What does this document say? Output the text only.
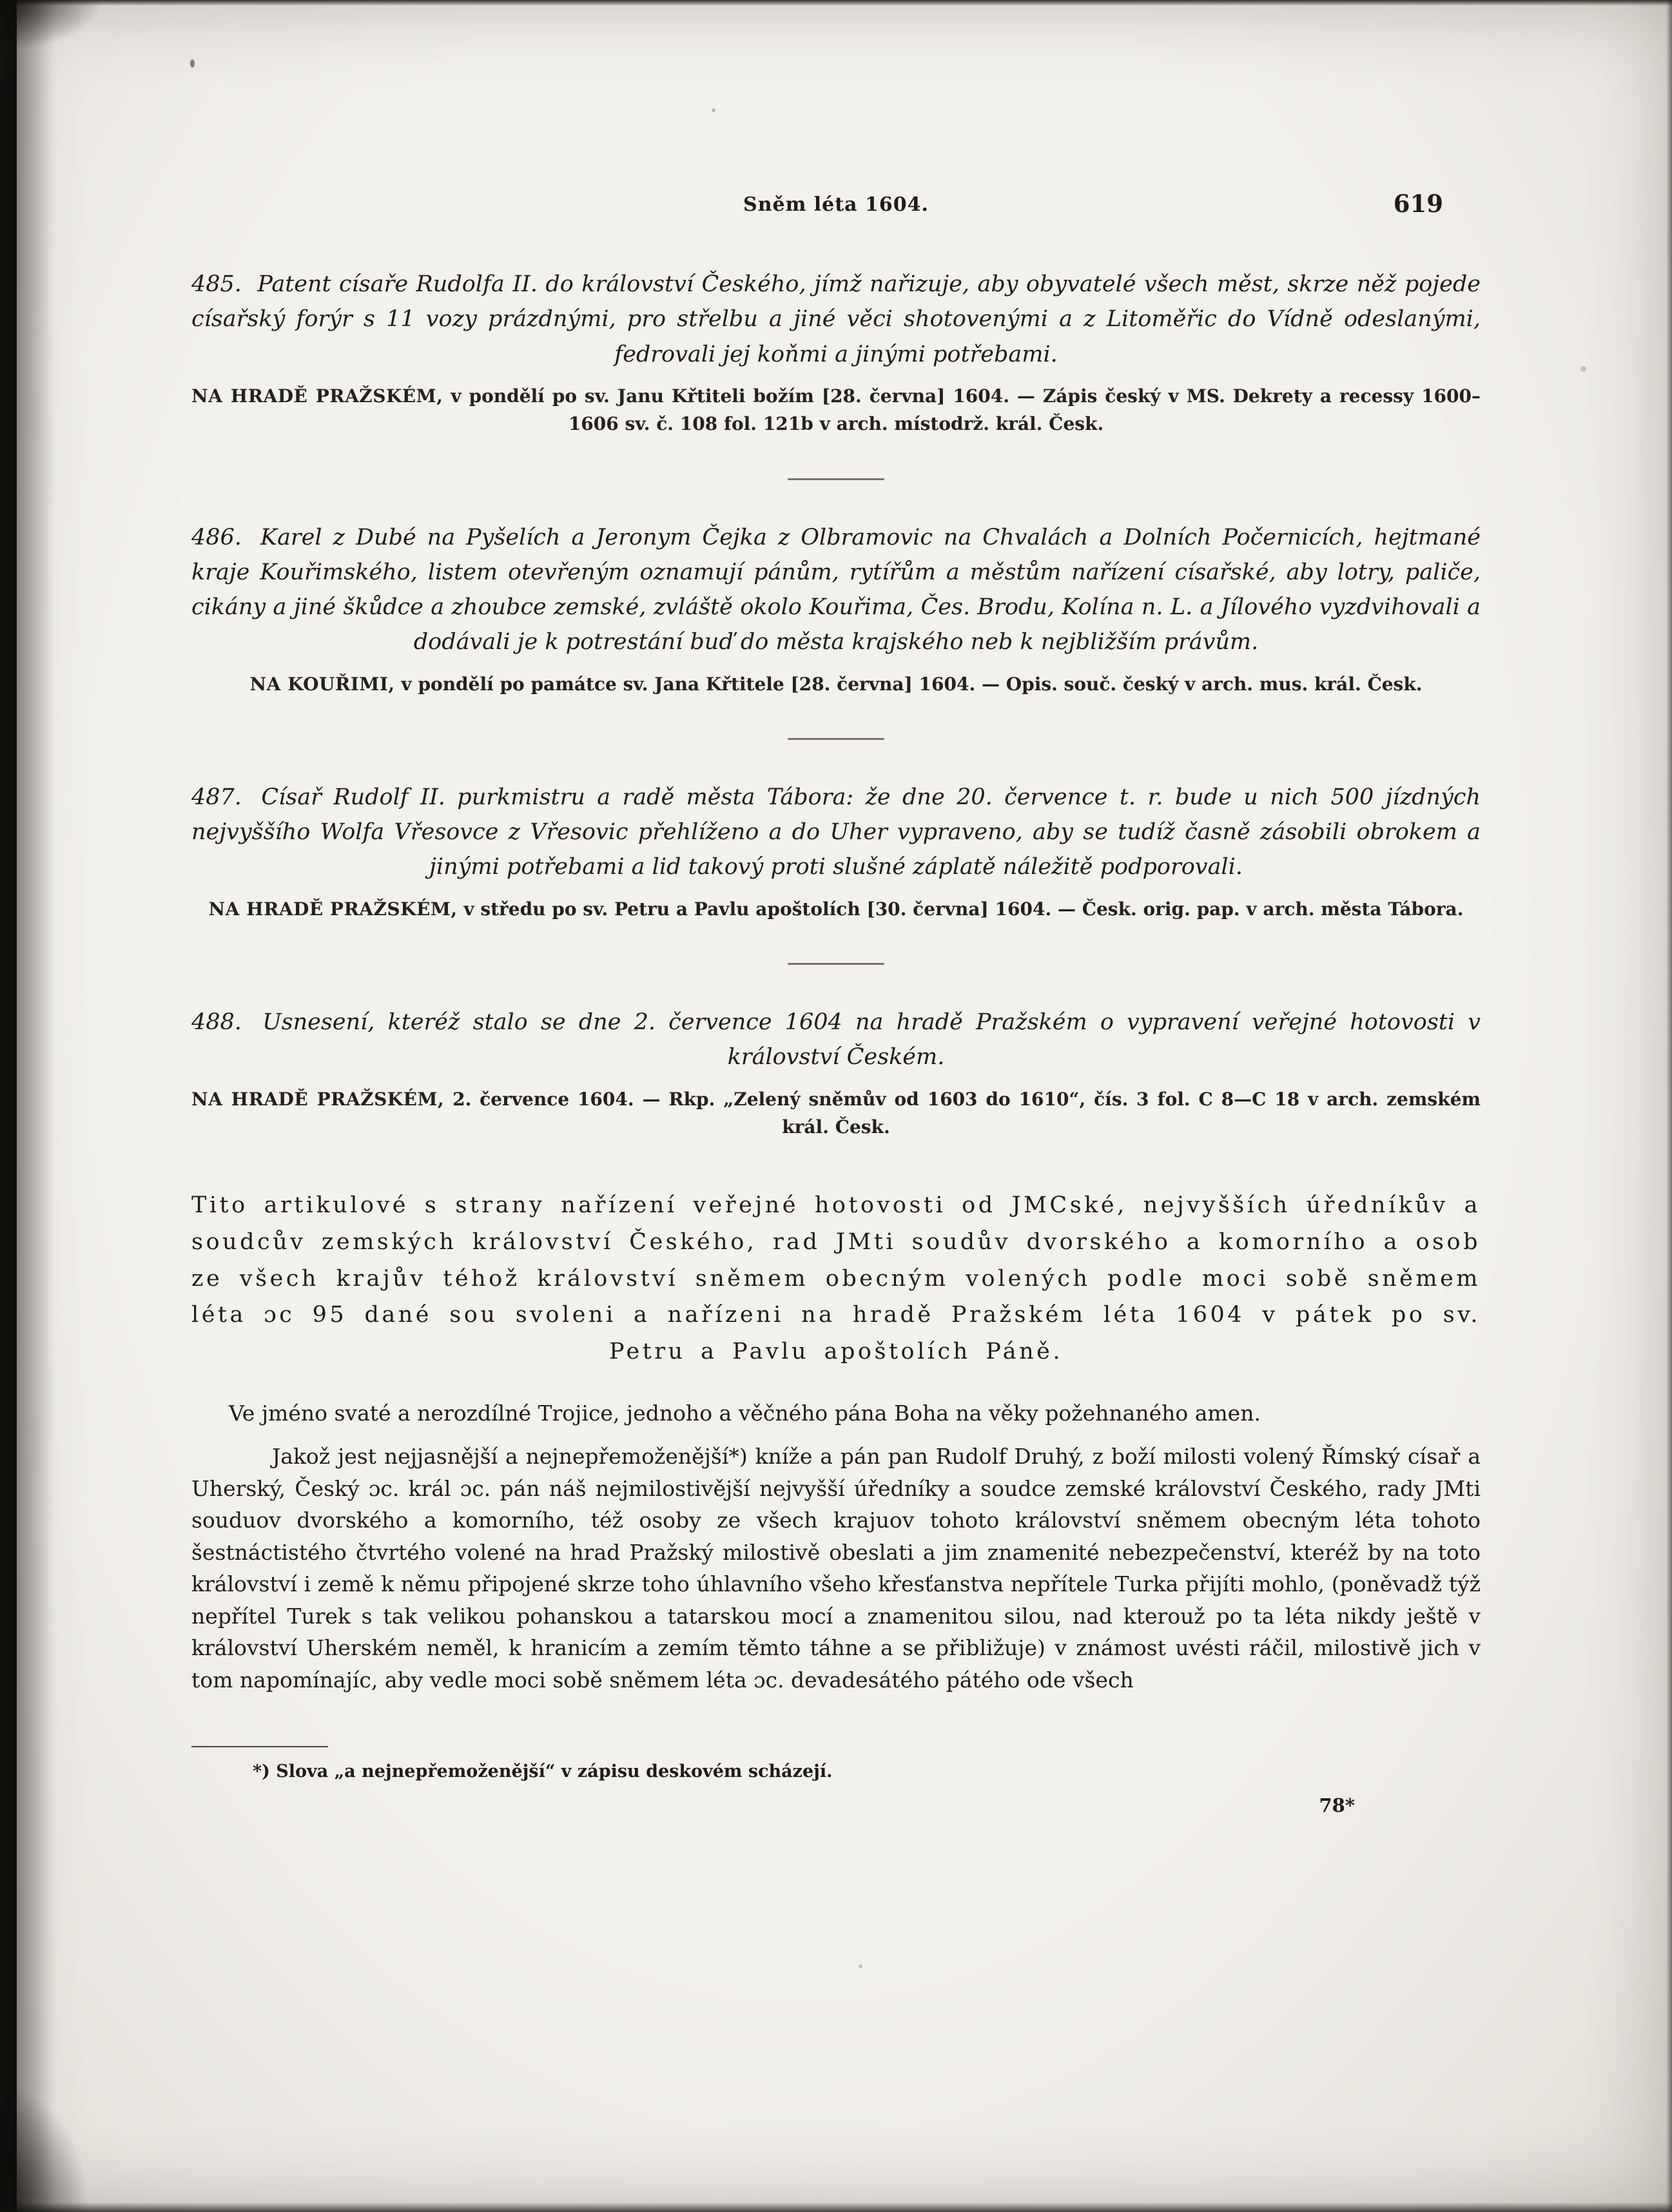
Sněm léta 1604.	619

485. Patent císaře Rudolfa II. do království Českého, jímž nařizuje, aby obyvatelé všech měst, skrze něž pojede císařský forýr s 11 vozy prázdnými, pro střelbu a jiné věci shotovenými a z Litoměřic do Vídně odeslanými, fedrovali jej koňmi a jinými potřebami.

NA HRADĚ PRAŽSKÉM, v pondělí po sv. Janu Křtiteli božím [28. června] 1604. — Zápis český v MS. Dekrety a recessy 1600–1606 sv. č. 108 fol. 121b v arch. místodrž. král. Česk.

486. Karel z Dubé na Pyšelích a Jeronym Čejka z Olbramovic na Chvalách a Dolních Počernicích, hejtmané kraje Kouřimského, listem otevřeným oznamují pánům, rytířům a městům nařízení císařské, aby lotry, paliče, cikány a jiné škůdce a zhoubce zemské, zvláště okolo Kouřima, Čes. Brodu, Kolína n. L. a Jílového vyzdvihovali a dodávali je k potrestání buď do města krajského neb k nejbližším právům.

NA KOUŘIMI, v pondělí po památce sv. Jana Křtitele [28. června] 1604. — Opis. souč. český v arch. mus. král. Česk.

487. Císař Rudolf II. purkmistru a radě města Tábora: že dne 20. července t. r. bude u nich 500 jízdných nejvyššího Wolfa Vřesovce z Vřesovic přehlíženo a do Uher vypraveno, aby se tudíž časně zásobili obrokem a jinými potřebami a lid takový proti slušné záplatě náležitě podporovali.

NA HRADĚ PRAŽSKÉM, v středu po sv. Petru a Pavlu apoštolích [30. června] 1604. — Česk. orig. pap. v arch. města Tábora.

488. Usnesení, kteréž stalo se dne 2. července 1604 na hradě Pražském o vypravení veřejné hotovosti v království Českém.

NA HRADĚ PRAŽSKÉM, 2. července 1604. — Rkp. „Zelený sněmův od 1603 do 1610“, čís. 3 fol. C 8—C 18 v arch. zemském král. Česk.

Tito artikulové s strany nařízení veřejné hotovosti od JMCské, nejvyšších úředníkův a soudcův zemských království Českého, rad JMti soudův dvorského a komorního a osob ze všech krajův téhož království sněmem obecným volených podle moci sobě sněmem léta ɔc 95 dané sou svoleni a nařízeni na hradě Pražském léta 1604 v pátek po sv. Petru a Pavlu apoštolích Páně.

Ve jméno svaté a nerozdílné Trojice, jednoho a věčného pána Boha na věky požehnaného amen.

Jakož jest nejjasnější a nejnepřemoženější*) kníže a pán pan Rudolf Druhý, z boží milosti volený Římský císař a Uherský, Český ɔc. král ɔc. pán náš nejmilostivější nejvyšší úředníky a soudce zemské království Českého, rady JMti souduov dvorského a komorního, též osoby ze všech krajuov tohoto království sněmem obecným léta tohoto šestnáctistého čtvrtého volené na hrad Pražský milostivě obeslati a jim znamenité nebezpečenství, kteréž by na toto království i země k němu připojené skrze toho úhlavního všeho křesťanstva nepřítele Turka přijíti mohlo, (poněvadž týž nepřítel Turek s tak velikou pohanskou a tatarskou mocí a znamenitou silou, nad kterouž po ta léta nikdy ještě v království Uherském neměl, k hranicím a zemím těmto táhne a se přibližuje) v známost uvésti ráčil, milostivě jich v tom napomínajíc, aby vedle moci sobě sněmem léta ɔc. devadesátého pátého ode všech

*) Slova „a nejnepřemoženější“ v zápisu deskovém scházejí.

78*
